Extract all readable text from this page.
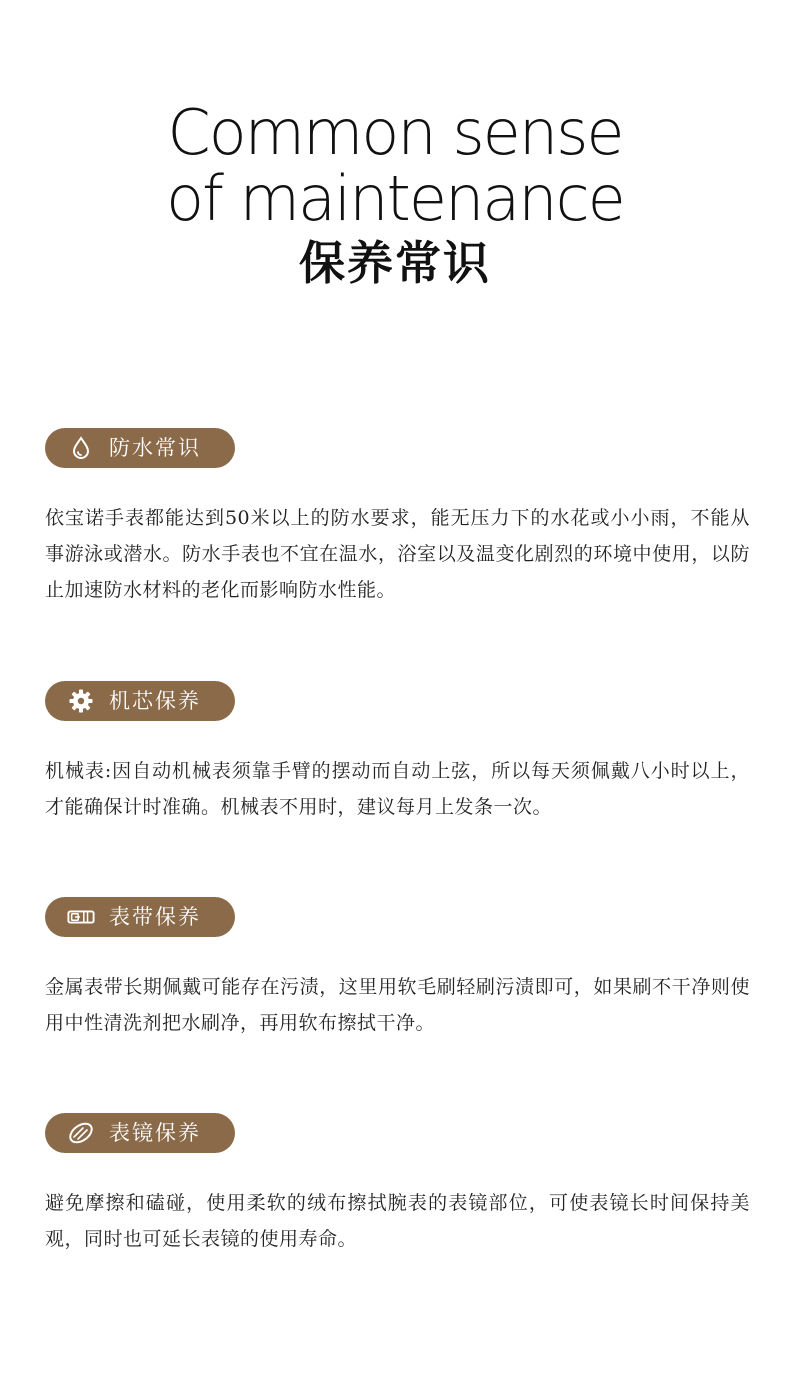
Common sense
of maintenance
保养常识
防水常识
依宝诺手表都能达到50米以上的防水要求，能无压力下的水花或小小雨，不能从事游泳或潜水。防水手表也不宜在温水，浴室以及温变化剧烈的环境中使用，以防止加速防水材料的老化而影响防水性能。
机芯保养
机械表:因自动机械表须靠手臂的摆动而自动上弦，所以每天须佩戴八小时以上，才能确保计时准确。机械表不用时，建议每月上发条一次。
表带保养
金属表带长期佩戴可能存在污渍，这里用软毛刷轻刷污渍即可，如果刷不干净则使用中性清洗剂把水刷净，再用软布擦拭干净。
表镜保养
避免摩擦和磕碰，使用柔软的绒布擦拭腕表的表镜部位，可使表镜长时间保持美观，同时也可延长表镜的使用寿命。
